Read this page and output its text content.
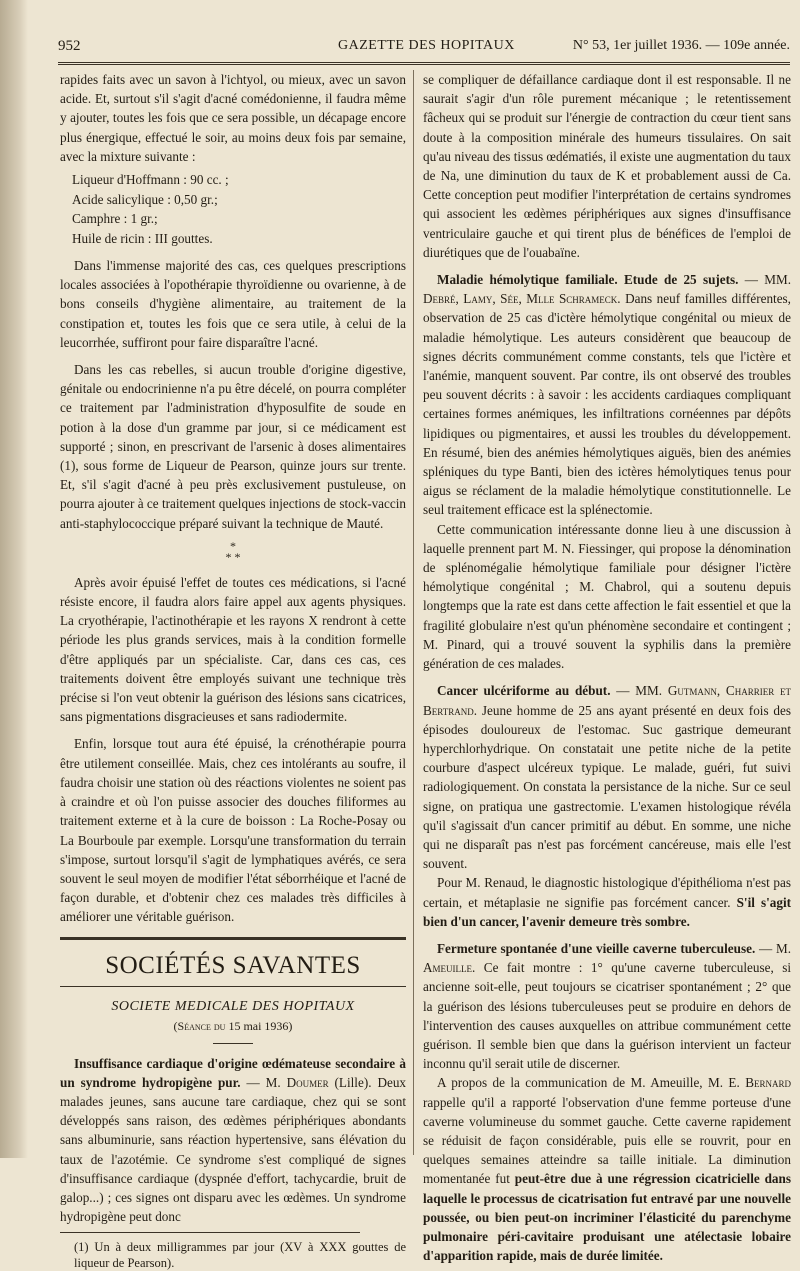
952	GAZETTE DES HOPITAUX	N° 53, 1er juillet 1936. — 109e année.

rapides faits avec un savon à l'ichtyol, ou mieux, avec un savon acide. Et, surtout s'il s'agit d'acné comédonienne, il faudra même y ajouter, toutes les fois que ce sera possible, un décapage encore plus énergique, effectué le soir, au moins deux fois par semaine, avec la mixture suivante :

Liqueur d'Hoffmann : 90 cc. ;
Acide salicylique : 0,50 gr.;
Camphre : 1 gr.;
Huile de ricin : III gouttes.

Dans l'immense majorité des cas, ces quelques prescriptions locales associées à l'opothérapie thyroïdienne ou ovarienne, à de bons conseils d'hygiène alimentaire, au traitement de la constipation et, toutes les fois que ce sera utile, à celui de la leucorrhée, suffiront pour faire disparaître l'acné.

Dans les cas rebelles, si aucun trouble d'origine digestive, génitale ou endocrinienne n'a pu être décelé, on pourra compléter ce traitement par l'administration d'hyposulfite de soude en potion à la dose d'un gramme par jour, si ce médicament est supporté ; sinon, en prescrivant de l'arsenic à doses alimentaires (1), sous forme de Liqueur de Pearson, quinze jours sur trente. Et, s'il s'agit d'acné à peu près exclusivement pustuleuse, on pourra ajouter à ce traitement quelques injections de stock-vaccin anti-staphylococcique préparé suivant la technique de Mauté.

*
* *

Après avoir épuisé l'effet de toutes ces médications, si l'acné résiste encore, il faudra alors faire appel aux agents physiques. La cryothérapie, l'actinothérapie et les rayons X rendront à cette période les plus grands services, mais à la condition formelle d'être appliqués par un spécialiste. Car, dans ces cas, ces traitements doivent être employés suivant une technique très précise si l'on veut obtenir la guérison des lésions sans cicatrices, sans pigmentations disgracieuses et sans radiodermite.

Enfin, lorsque tout aura été épuisé, la crénothérapie pourra être utilement conseillée. Mais, chez ces intolérants au soufre, il faudra choisir une station où des réactions violentes ne soient pas à craindre et où l'on puisse associer des douches filiformes au traitement externe et à la cure de boisson : La Roche-Posay ou La Bourboule par exemple. Lorsqu'une transformation du terrain s'impose, surtout lorsqu'il s'agit de lymphatiques avérés, ce sera souvent le seul moyen de modifier l'état séborrhéique et l'acné de façon durable, et d'obtenir chez ces malades très difficiles à améliorer une véritable guérison.

SOCIÉTÉS SAVANTES
SOCIETE MEDICALE DES HOPITAUX
(Séance du 15 mai 1936)

Insuffisance cardiaque d'origine œdémateuse secondaire à un syndrome hydropigène pur. — M. Doumer (Lille). Deux malades jeunes, sans aucune tare cardiaque, chez qui se sont développés sans raison, des œdèmes périphériques abondants sans albuminurie, sans réaction hypertensive, sans élévation du taux de l'azotémie. Ce syndrome s'est compliqué de signes d'insuffisance cardiaque (dyspnée d'effort, tachycardie, bruit de galop...) ; ces signes ont disparu avec les œdèmes. Un syndrome hydropigène peut donc

(1) Un à deux milligrammes par jour (XV à XXX gouttes de liqueur de Pearson).

se compliquer de défaillance cardiaque dont il est responsable. Il ne saurait s'agir d'un rôle purement mécanique ; le retentissement fâcheux qui se produit sur l'énergie de contraction du cœur tient sans doute à la composition minérale des humeurs tissulaires. On sait qu'au niveau des tissus œdématiés, il existe une augmentation du taux de Na, une diminution du taux de K et probablement aussi de Ca. Cette conception peut modifier l'interprétation de certains syndromes qui associent les œdèmes périphériques aux signes d'insuffisance ventriculaire gauche et qui tirent plus de bénéfices de l'emploi de diurétiques que de l'ouabaïne.

Maladie hémolytique familiale. Etude de 25 sujets. — MM. Debré, Lamy, Sée, Mlle Schrameck. Dans neuf familles différentes, observation de 25 cas d'ictère hémolytique congénital ou mieux de maladie hémolytique. Les auteurs considèrent que beaucoup de signes décrits communément comme constants, tels que l'ictère et l'anémie, manquent souvent. Par contre, ils ont observé des troubles peu souvent décrits : à savoir : les accidents cardiaques compliquant certaines formes anémiques, les infiltrations cornéennes par dépôts lipidiques ou pigmentaires, et aussi les troubles du développement. En résumé, bien des anémies hémolytiques aiguës, bien des anémies spléniques du type Banti, bien des ictères hémolytiques tenus pour aigus se réclament de la maladie hémolytique constitutionnelle. Le seul traitement efficace est la splénectomie.

Cette communication intéressante donne lieu à une discussion à laquelle prennent part M. N. Fiessinger, qui propose la dénomination de splénomégalie hémolytique familiale pour désigner l'ictère hémolytique congénital ; M. Chabrol, qui a soutenu depuis longtemps que la rate est dans cette affection le fait essentiel et que la fragilité globulaire n'est qu'un phénomène secondaire et contingent ; M. Pinard, qui a trouvé souvent la syphilis dans la première génération de ces malades.

Cancer ulcériforme au début. — MM. Gutmann, Charrier et Bertrand. Jeune homme de 25 ans ayant présenté en deux fois des épisodes douloureux de l'estomac. Suc gastrique demeurant hyperchlorhydrique. On constatait une petite niche de la petite courbure d'aspect ulcéreux typique. Le malade, guéri, fut suivi radiologiquement. On constata la persistance de la niche. Sur ce seul signe, on pratiqua une gastrectomie. L'examen histologique révéla qu'il s'agissait d'un cancer primitif au début. En somme, une niche qui ne disparaît pas n'est pas forcément cancéreuse, mais elle l'est souvent.

Pour M. Renaud, le diagnostic histologique d'épithélioma n'est pas certain, et métaplasie ne signifie pas forcément cancer. S'il s'agit bien d'un cancer, l'avenir demeure très sombre.

Fermeture spontanée d'une vieille caverne tuberculeuse. — M. Ameuille. Ce fait montre : 1° qu'une caverne tuberculeuse, si ancienne soit-elle, peut toujours se cicatriser spontanément ; 2° que la guérison des lésions tuberculeuses peut se produire en dehors de l'intervention des causes auxquelles on attribue communément cette guérison. Il semble bien que dans la guérison intervient un facteur inconnu qu'il serait utile de discerner.

A propos de la communication de M. Ameuille, M. E. Bernard rappelle qu'il a rapporté l'observation d'une femme porteuse d'une caverne volumineuse du sommet gauche. Cette caverne rapidement se réduisit de façon considérable, puis elle se rouvrit, pour en quelques semaines atteindre sa taille initiale. La diminution momentanée fut peut-être due à une régression cicatricielle dans laquelle le processus de cicatrisation fut entravé par une nouvelle poussée, ou bien peut-on incriminer l'élasticité du parenchyme pulmonaire péri-cavitaire produisant une atélectasie lobaire d'apparition rapide, mais de durée limitée.
